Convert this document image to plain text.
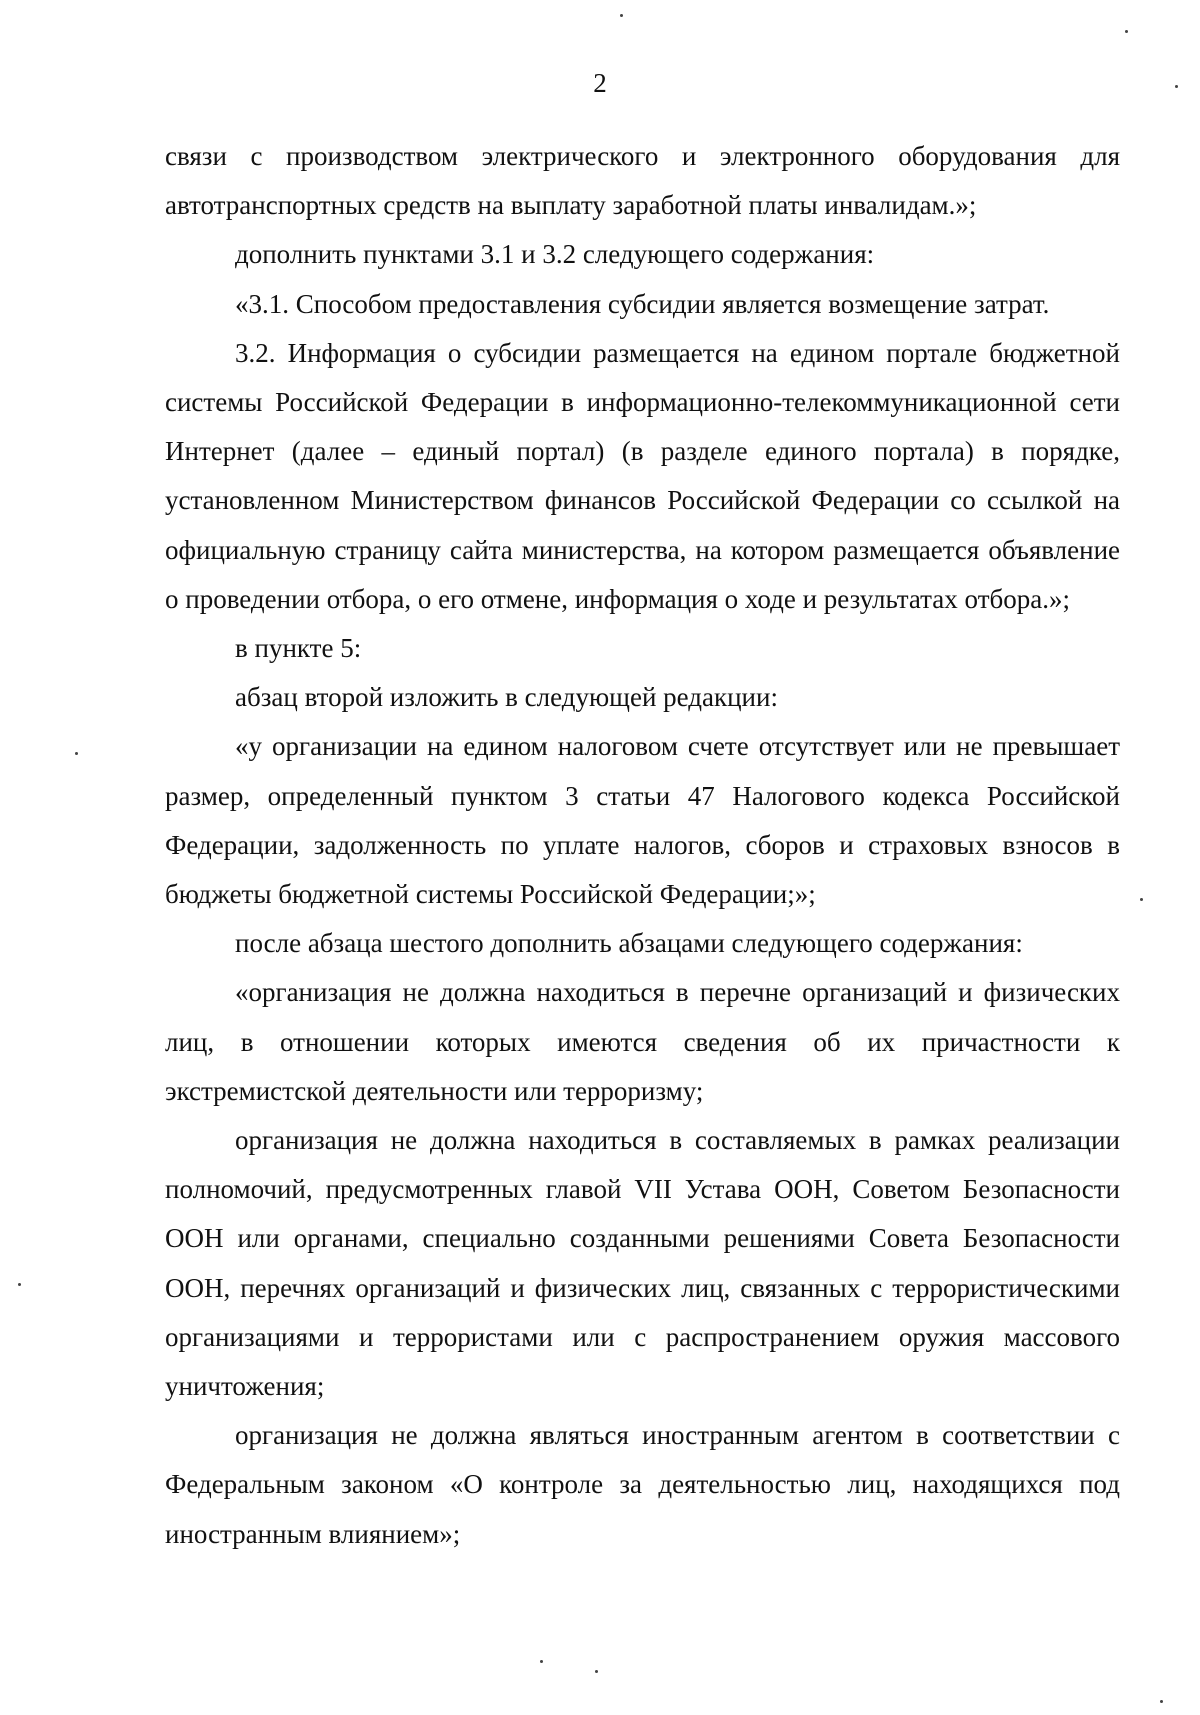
2

связи с производством электрического и электронного оборудования для автотранспортных средств на выплату заработной платы инвалидам.»;

дополнить пунктами 3.1 и 3.2 следующего содержания:

«3.1. Способом предоставления субсидии является возмещение затрат.

3.2. Информация о субсидии размещается на едином портале бюджетной системы Российской Федерации в информационно-телекоммуникационной сети Интернет (далее – единый портал) (в разделе единого портала) в порядке, установленном Министерством финансов Российской Федерации со ссылкой на официальную страницу сайта министерства, на котором размещается объявление о проведении отбора, о его отмене, информация о ходе и результатах отбора.»;

в пункте 5:

абзац второй изложить в следующей редакции:

«у организации на едином налоговом счете отсутствует или не превышает размер, определенный пунктом 3 статьи 47 Налогового кодекса Российской Федерации, задолженность по уплате налогов, сборов и страховых взносов в бюджеты бюджетной системы Российской Федерации;»;

после абзаца шестого дополнить абзацами следующего содержания:

«организация не должна находиться в перечне организаций и физических лиц, в отношении которых имеются сведения об их причастности к экстремистской деятельности или терроризму;

организация не должна находиться в составляемых в рамках реализации полномочий, предусмотренных главой VII Устава ООН, Советом Безопасности ООН или органами, специально созданными решениями Совета Безопасности ООН, перечнях организаций и физических лиц, связанных с террористическими организациями и террористами или с распространением оружия массового уничтожения;

организация не должна являться иностранным агентом в соответствии с Федеральным законом «О контроле за деятельностью лиц, находящихся под иностранным влиянием»;
